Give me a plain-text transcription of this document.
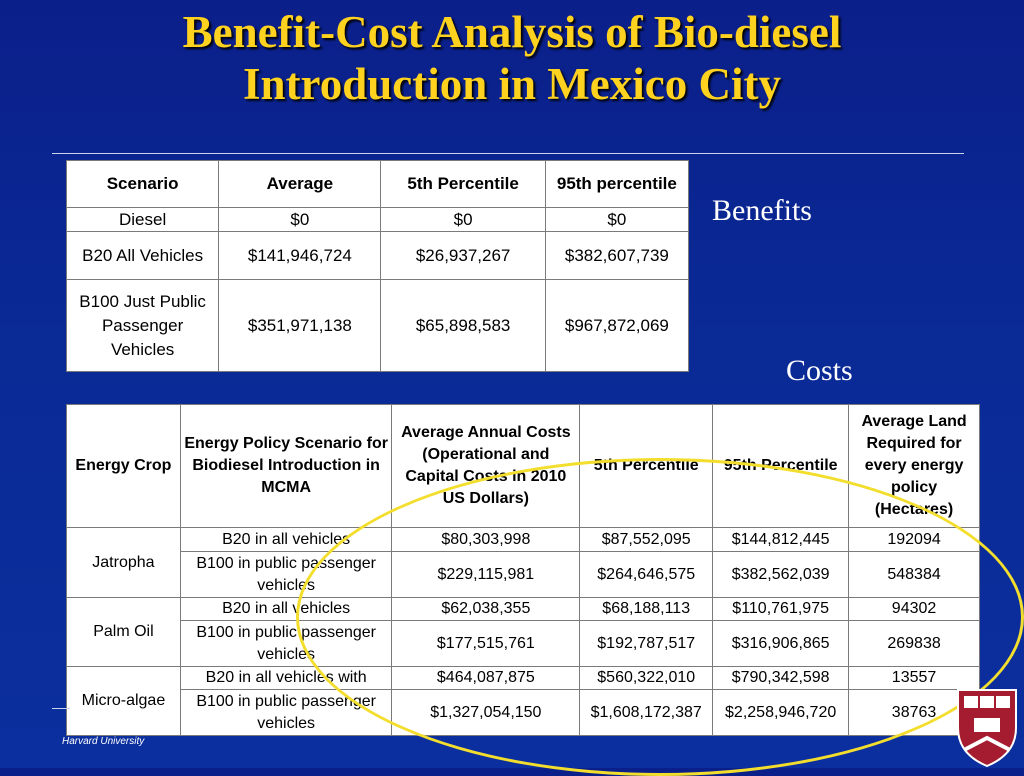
Benefit-Cost Analysis of Bio-diesel
Introduction in Mexico City
Benefits
Costs
Scenario	Average	5th Percentile	95th percentile
Diesel	$0	$0	$0
B20 All Vehicles	$141,946,724	$26,937,267	$382,607,739
B100 Just Public Passenger Vehicles	$351,971,138	$65,898,583	$967,872,069
Energy Crop	Energy Policy Scenario for Biodiesel Introduction in MCMA	Average Annual Costs (Operational and Capital Costs in 2010 US Dollars)	5th Percentile	95th Percentile	Average Land Required for every energy policy (Hectares)
Jatropha	B20 in all vehicles	$80,303,998	$87,552,095	$144,812,445	192094
	B100 in public passenger vehicles	$229,115,981	$264,646,575	$382,562,039	548384
Palm Oil	B20 in all vehicles	$62,038,355	$68,188,113	$110,761,975	94302
	B100 in public passenger vehicles	$177,515,761	$192,787,517	$316,906,865	269838
Micro-algae	B20 in all vehicles with	$464,087,875	$560,322,010	$790,342,598	13557
	B100 in public passenger vehicles	$1,327,054,150	$1,608,172,387	$2,258,946,720	38763
Harvard University
